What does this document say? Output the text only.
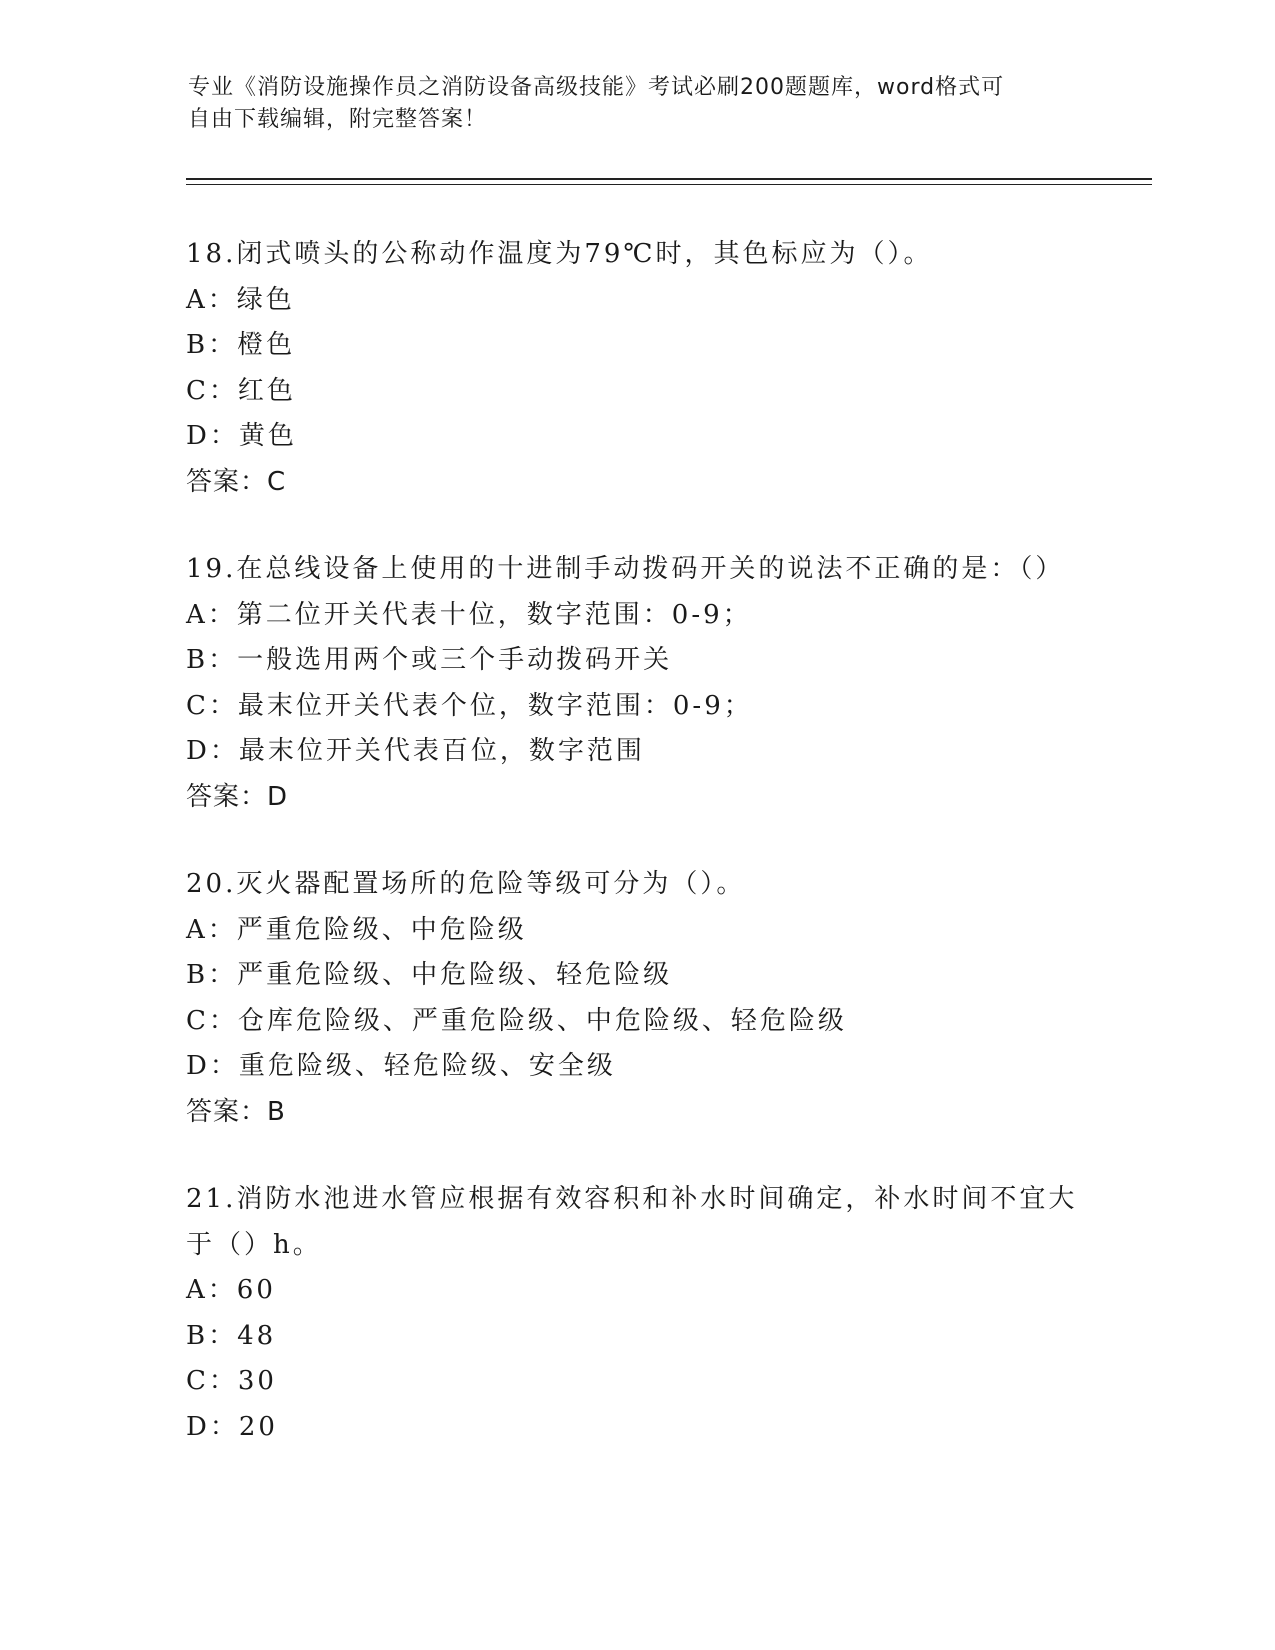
专业《消防设施操作员之消防设备高级技能》考试必刷200题题库，word格式可

自由下载编辑，附完整答案！

18.闭式喷头的公称动作温度为79℃时，其色标应为（）。

A：绿色

B：橙色

C：红色

D：黄色

答案：C

19.在总线设备上使用的十进制手动拨码开关的说法不正确的是：（）

A：第二位开关代表十位，数字范围：0-9；

B：一般选用两个或三个手动拨码开关

C：最末位开关代表个位，数字范围：0-9；

D：最末位开关代表百位，数字范围

答案：D

20.灭火器配置场所的危险等级可分为（）。

A：严重危险级、中危险级

B：严重危险级、中危险级、轻危险级

C：仓库危险级、严重危险级、中危险级、轻危险级

D：重危险级、轻危险级、安全级

答案：B

21.消防水池进水管应根据有效容积和补水时间确定，补水时间不宜大

于（）h。

A：60

B：48

C：30

D：20
